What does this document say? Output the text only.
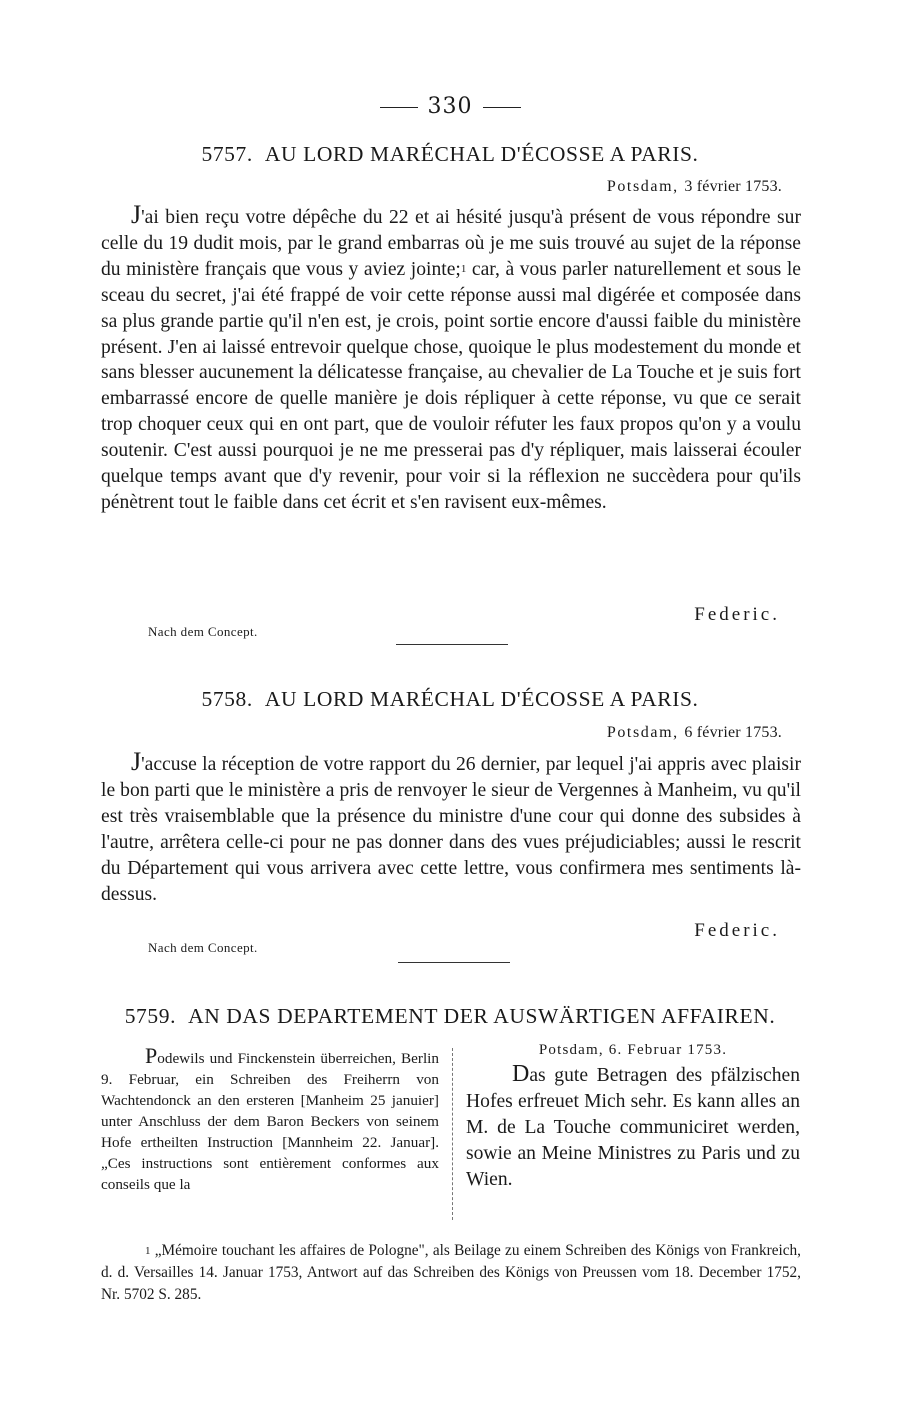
330
5757. AU LORD MARÉCHAL D'ÉCOSSE A PARIS.
Potsdam, 3 février 1753.

J'ai bien reçu votre dépêche du 22 et ai hésité jusqu'à présent de vous répondre sur celle du 19 dudit mois, par le grand embarras où je me suis trouvé au sujet de la réponse du ministère français que vous y aviez jointe;$^1$ car, à vous parler naturellement et sous le sceau du secret, j'ai été frappé de voir cette réponse aussi mal digérée et composée dans sa plus grande partie qu'il n'en est, je crois, point sortie encore d'aussi faible du ministère présent. J'en ai laissé entrevoir quelque chose, quoique le plus modestement du monde et sans blesser aucunement la délicatesse française, au chevalier de La Touche et je suis fort embarrassé encore de quelle manière je dois répliquer à cette réponse, vu que ce serait trop choquer ceux qui en ont part, que de vouloir réfuter les faux propos qu'on y a voulu soutenir. C'est aussi pourquoi je ne me presserai pas d'y répliquer, mais laisserai écouler quelque temps avant que d'y revenir, pour voir si la réflexion ne succèdera pour qu'ils pénètrent tout le faible dans cet écrit et s'en ravisent eux-mêmes.

Federic.
Nach dem Concept.
5758. AU LORD MARÉCHAL D'ÉCOSSE A PARIS.
Potsdam, 6 février 1753.

J'accuse la réception de votre rapport du 26 dernier, par lequel j'ai appris avec plaisir le bon parti que le ministère a pris de renvoyer le sieur de Vergennes à Manheim, vu qu'il est très vraisemblable que la présence du ministre d'une cour qui donne des subsides à l'autre, arrêtera celle-ci pour ne pas donner dans des vues préjudiciables; aussi le rescrit du Département qui vous arrivera avec cette lettre, vous confirmera mes sentiments là-dessus.

Federic.
Nach dem Concept.
5759. AN DAS DEPARTEMENT DER AUSWÄRTIGEN AFFAIREN.

Podewils und Finckenstein überreichen, Berlin 9. Februar, ein Schreiben des Freiherrn von Wachtendonck an den ersteren [Manheim 25 januier] unter Anschluss der dem Baron Beckers von seinem Hofe ertheilten Instruction [Mannheim 22. Januar]. „Ces instructions sont entièrement conformes aux conseils que la

Potsdam, 6. Februar 1753.

Das gute Betragen des pfälzischen Hofes erfreuet Mich sehr. Es kann alles an M. de La Touche communiciret werden, sowie an Meine Ministres zu Paris und zu Wien.

$^1$ „Mémoire touchant les affaires de Pologne", als Beilage zu einem Schreiben des Königs von Frankreich, d. d. Versailles 14. Januar 1753, Antwort auf das Schreiben des Königs von Preussen vom 18. December 1752, Nr. 5702 S. 285.
